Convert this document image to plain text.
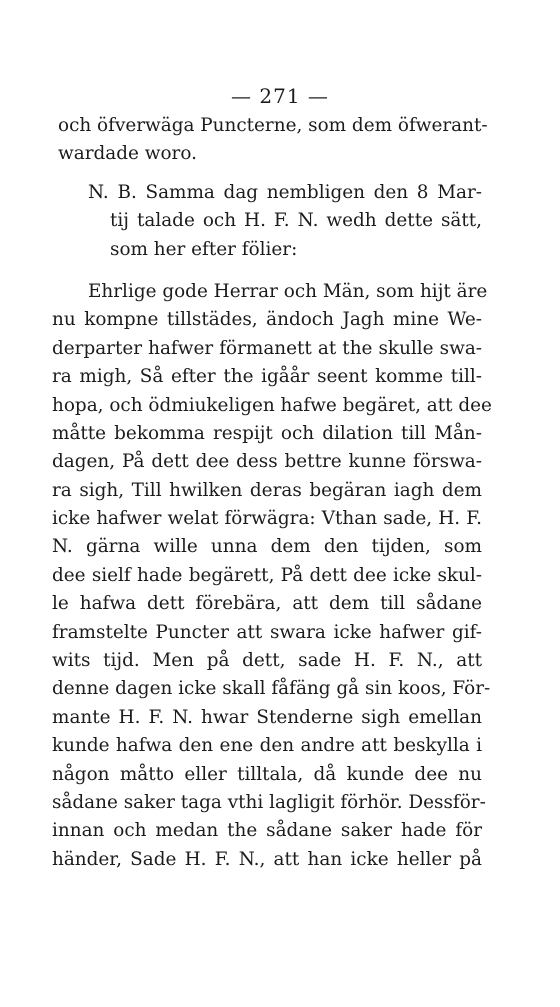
— 271 —
och öfverwäga Puncterne, som dem öfwerant-
wardade woro.
N. B. Samma dag nembligen den 8 Mar-
tij talade och H. F. N. wedh dette sätt,
som her efter fölier:
Ehrlige gode Herrar och Män, som hijt äre
nu kompne tillstädes, ändoch Jagh mine We-
derparter hafwer förmanett at the skulle swa-
ra migh, Så efter the igåår seent komme till-
hopa, och ödmiukeligen hafwe begäret, att dee
måtte bekomma respijt och dilation till Mån-
dagen, På dett dee dess bettre kunne förswa-
ra sigh, Till hwilken deras begäran iagh dem
icke hafwer welat förwägra: Vthan sade, H. F.
N. gärna wille unna dem den tijden, som
dee sielf hade begärett, På dett dee icke skul-
le hafwa dett förebära, att dem till sådane
framstelte Puncter att swara icke hafwer gif-
wits tijd. Men på dett, sade H. F. N., att
denne dagen icke skall fåfäng gå sin koos, För-
mante H. F. N. hwar Stenderne sigh emellan
kunde hafwa den ene den andre att beskylla i
någon måtto eller tilltala, då kunde dee nu
sådane saker taga vthi lagligit förhör. Dessför-
innan och medan the sådane saker hade för
händer, Sade H. F. N., att han icke heller på
